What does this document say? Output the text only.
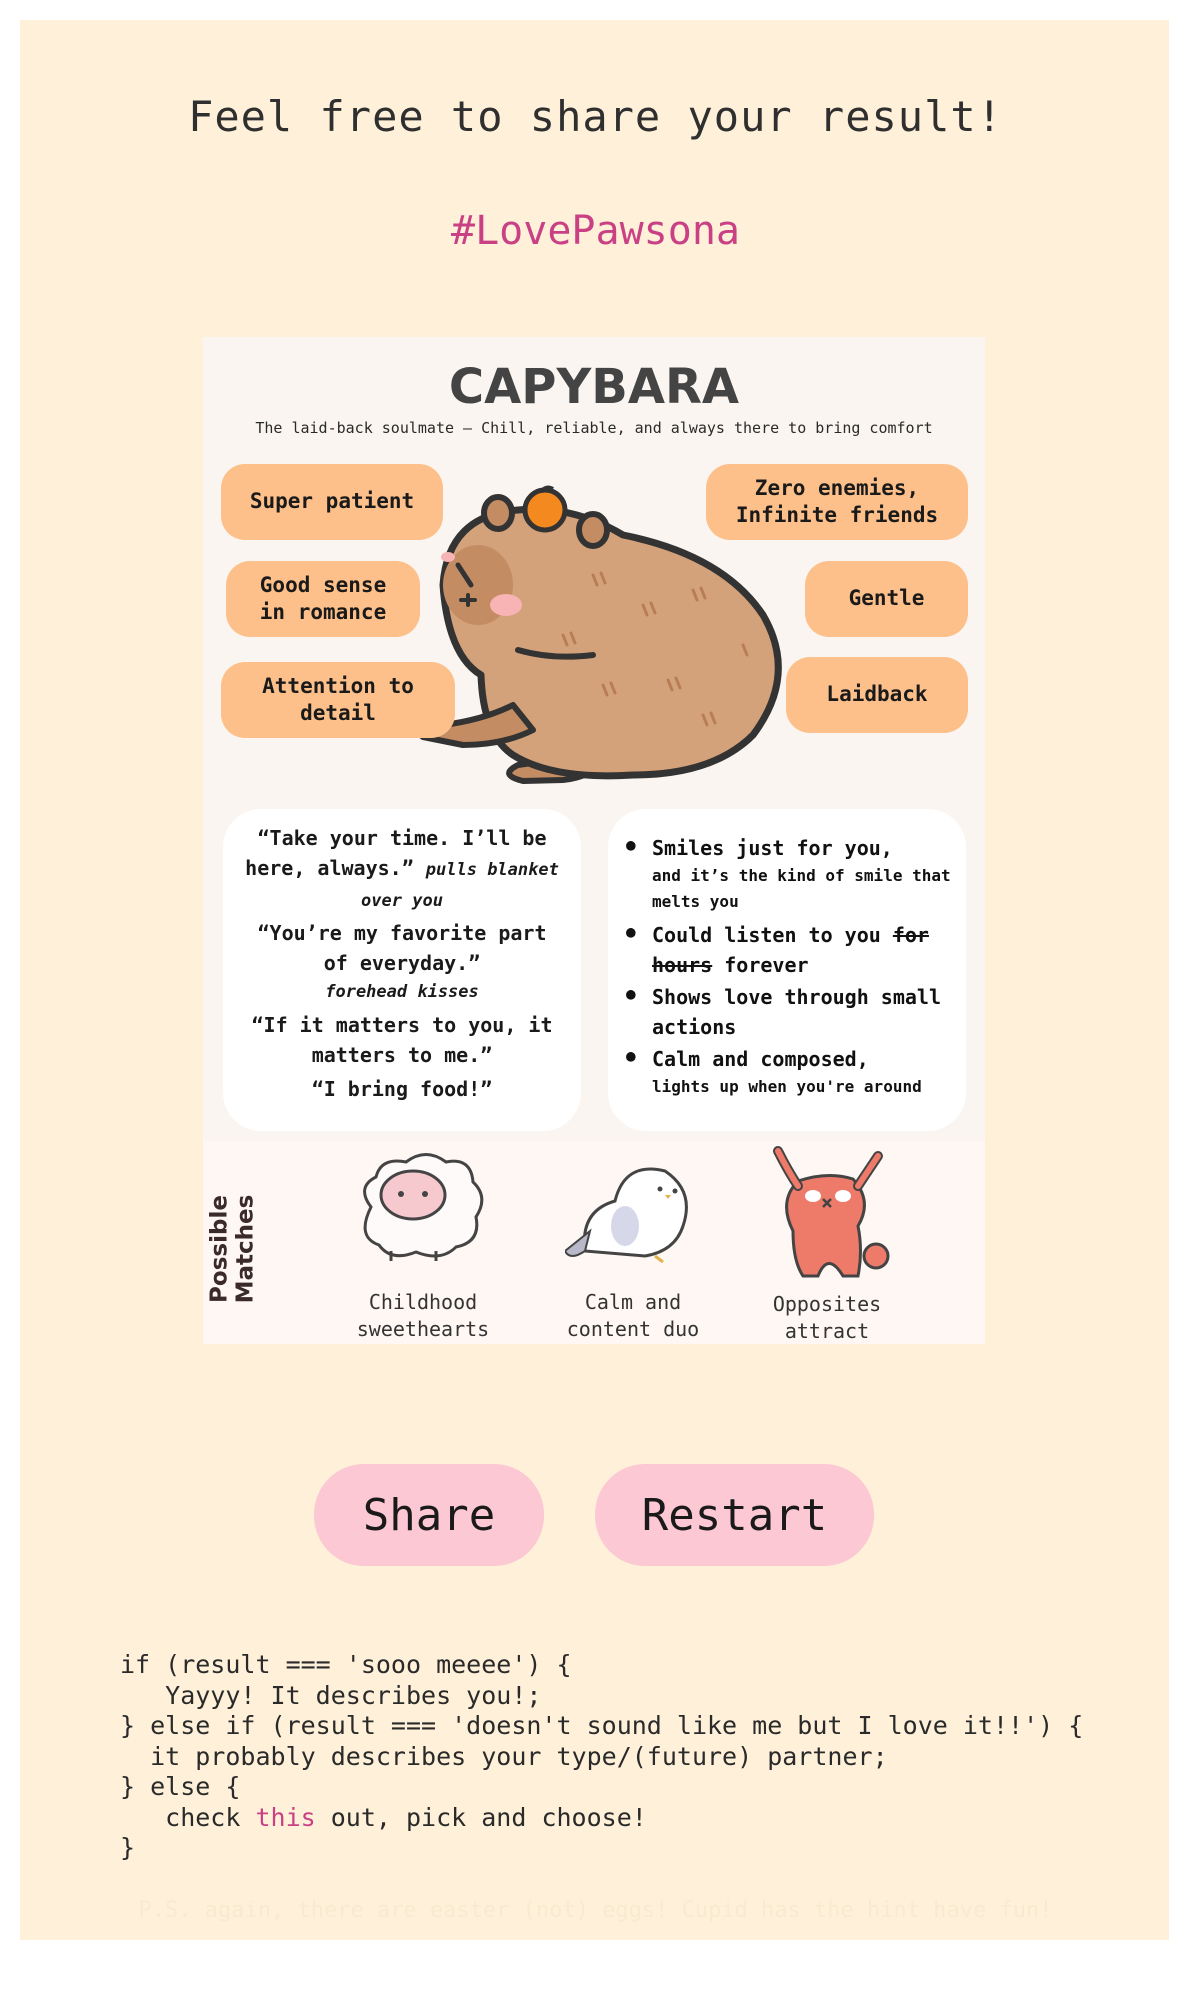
Feel free to share your result!
#LovePawsona
CAPYBARA
The laid-back soulmate – Chill, reliable, and always there to bring comfort
Super patient
Good sense
in romance
Attention to
detail
Zero enemies,
Infinite friends
Gentle
Laidback

“Take your time. I’ll be here, always.” pulls blanket over you

“You’re my favorite part of everyday.”

forehead kisses

“If it matters to you, it matters to me.”

“I bring food!”

● Smiles just for you,
and it’s the kind of smile that melts you
● Could listen to you for hours forever
● Shows love through small actions
● Calm and composed,
lights up when you're around
Possible
Matches	Childhood
sweethearts
Calm and
content duo
Opposites
attract
Share	Restart
if (result === 'sooo meeee') {
Yayyy! It describes you!;
} else if (result === 'doesn't sound like me but I love it!!') {
it probably describes your type/(future) partner;
} else {
check this out, pick and choose!
}
P.S. again, there are easter (not) eggs! Cupid has the hint have fun!
